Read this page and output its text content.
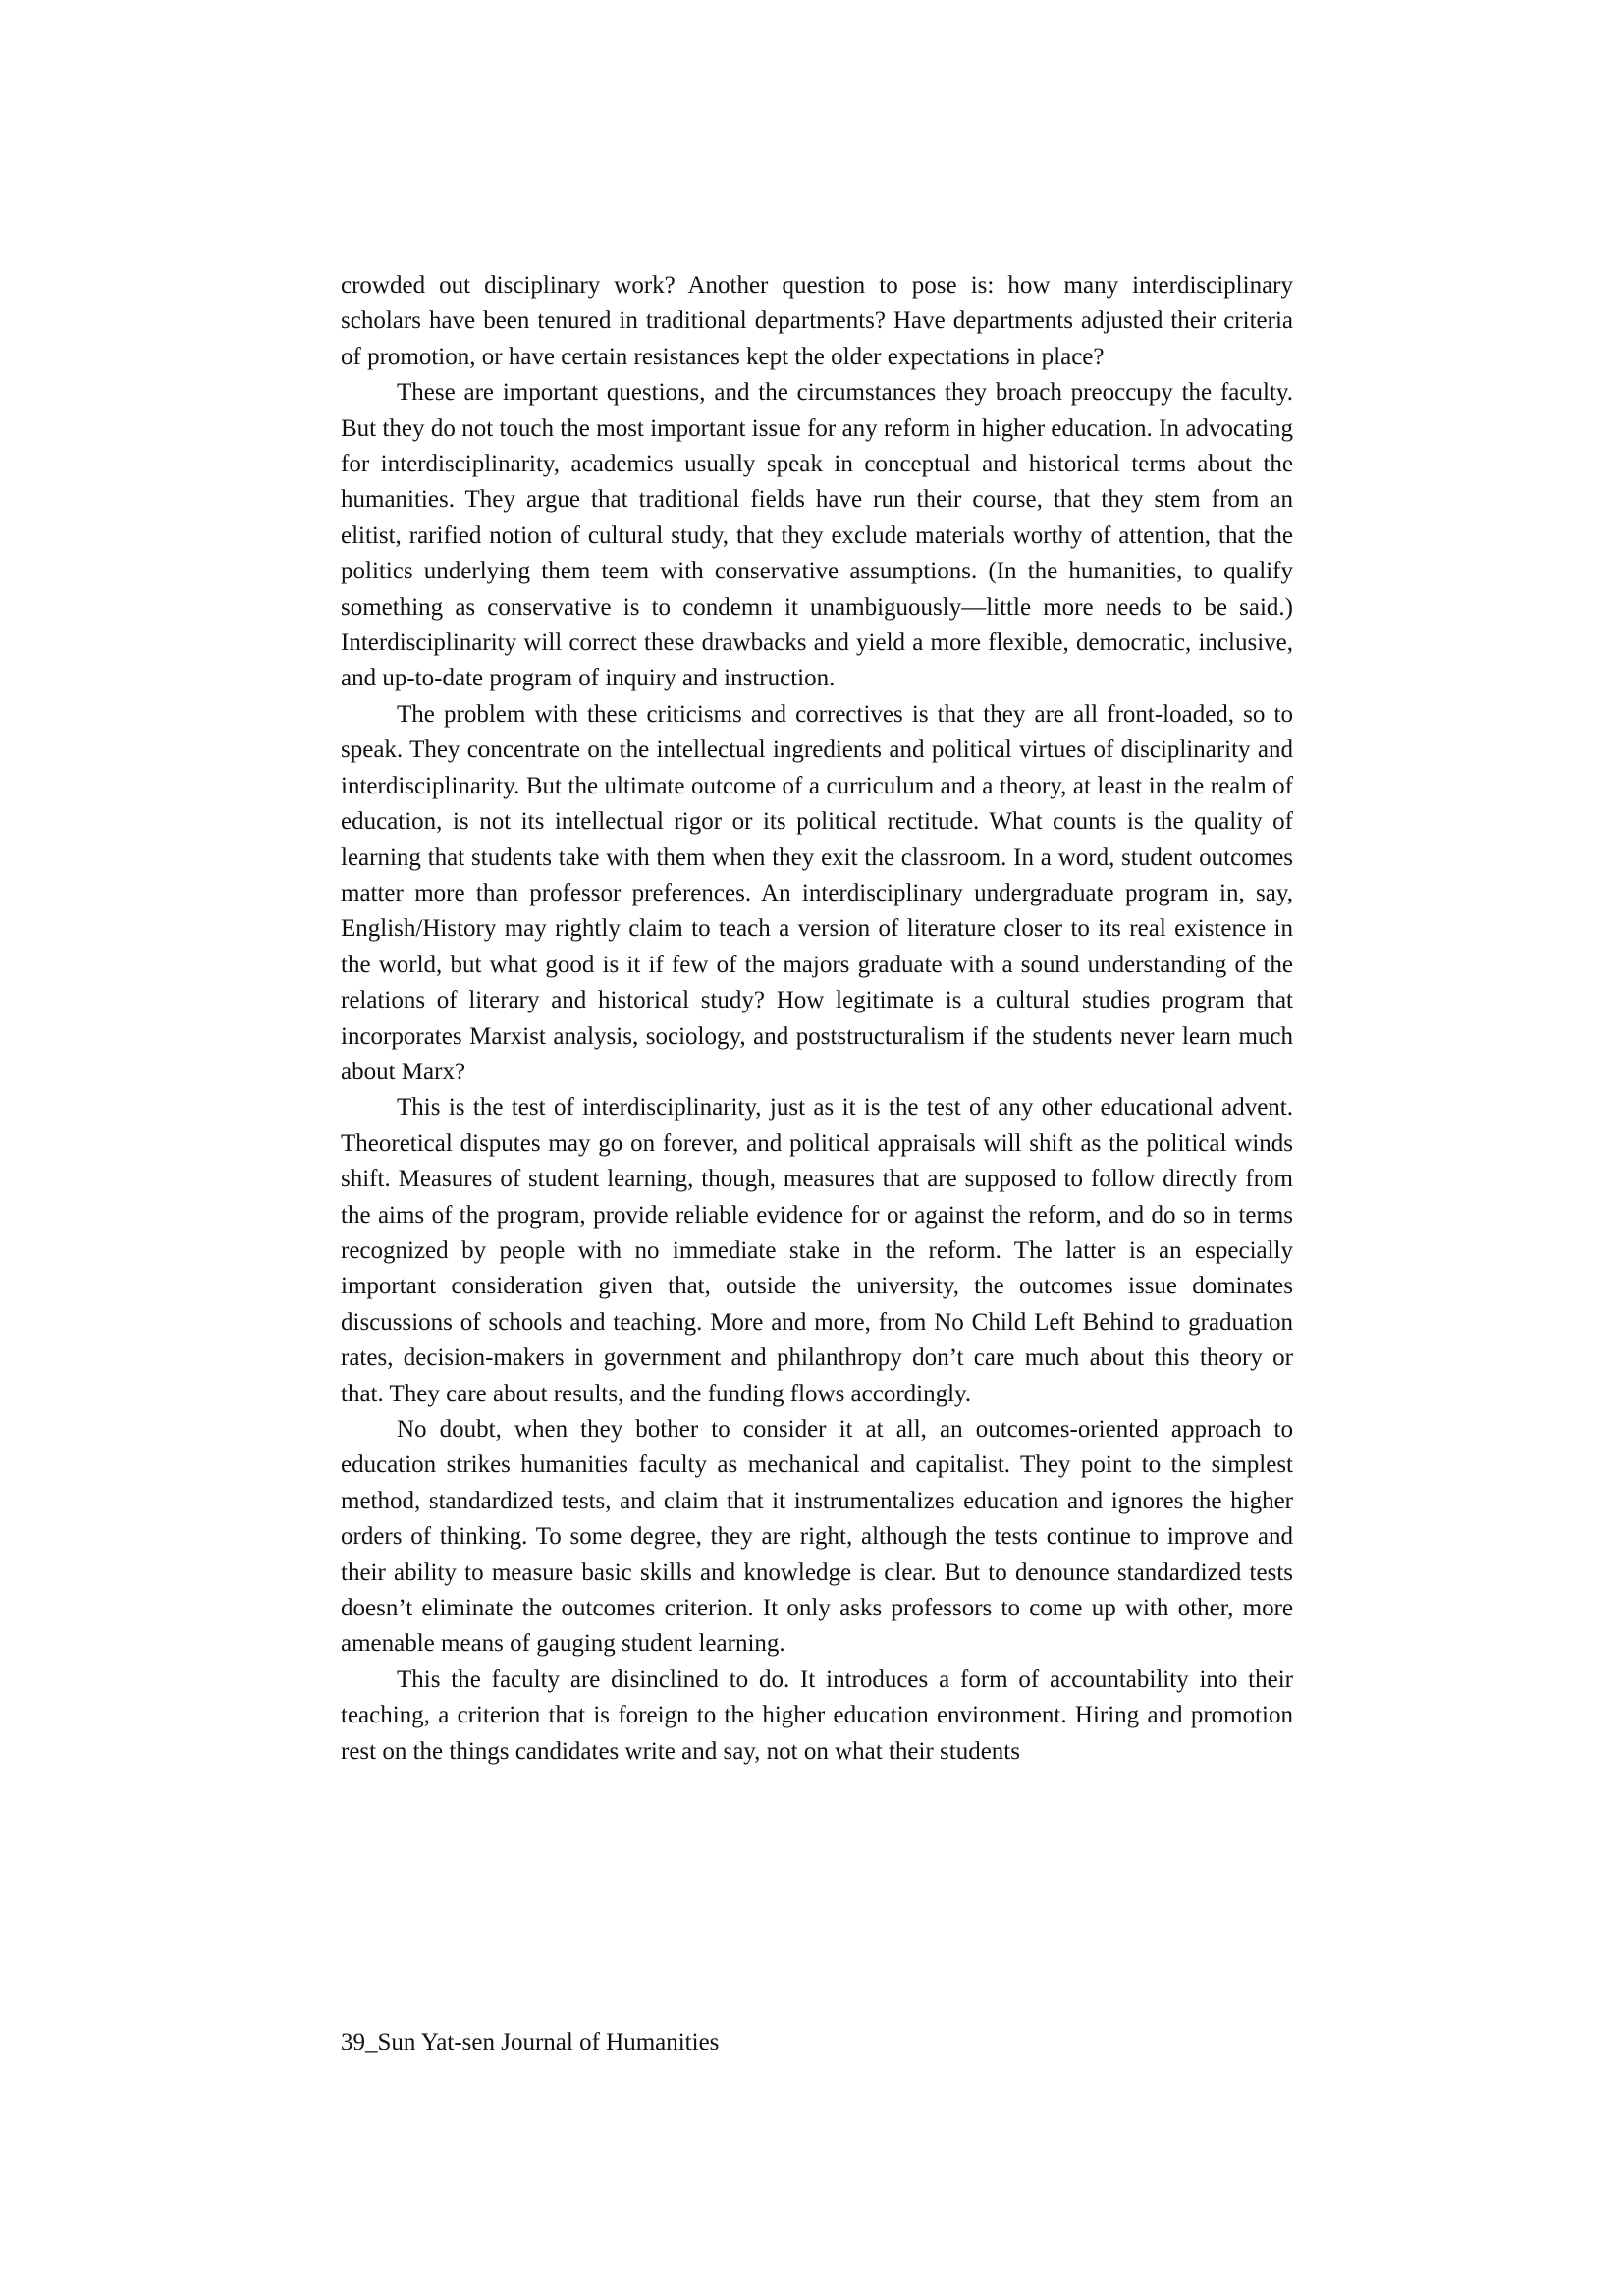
crowded out disciplinary work? Another question to pose is: how many interdisciplinary scholars have been tenured in traditional departments? Have departments adjusted their criteria of promotion, or have certain resistances kept the older expectations in place?

These are important questions, and the circumstances they broach preoccupy the faculty. But they do not touch the most important issue for any reform in higher education. In advocating for interdisciplinarity, academics usually speak in conceptual and historical terms about the humanities. They argue that traditional fields have run their course, that they stem from an elitist, rarified notion of cultural study, that they exclude materials worthy of attention, that the politics underlying them teem with conservative assumptions. (In the humanities, to qualify something as conservative is to condemn it unambiguously—little more needs to be said.) Interdisciplinarity will correct these drawbacks and yield a more flexible, democratic, inclusive, and up-to-date program of inquiry and instruction.

The problem with these criticisms and correctives is that they are all front-loaded, so to speak. They concentrate on the intellectual ingredients and political virtues of disciplinarity and interdisciplinarity. But the ultimate outcome of a curriculum and a theory, at least in the realm of education, is not its intellectual rigor or its political rectitude. What counts is the quality of learning that students take with them when they exit the classroom. In a word, student outcomes matter more than professor preferences. An interdisciplinary undergraduate program in, say, English/History may rightly claim to teach a version of literature closer to its real existence in the world, but what good is it if few of the majors graduate with a sound understanding of the relations of literary and historical study? How legitimate is a cultural studies program that incorporates Marxist analysis, sociology, and poststructuralism if the students never learn much about Marx?

This is the test of interdisciplinarity, just as it is the test of any other educational advent. Theoretical disputes may go on forever, and political appraisals will shift as the political winds shift. Measures of student learning, though, measures that are supposed to follow directly from the aims of the program, provide reliable evidence for or against the reform, and do so in terms recognized by people with no immediate stake in the reform. The latter is an especially important consideration given that, outside the university, the outcomes issue dominates discussions of schools and teaching. More and more, from No Child Left Behind to graduation rates, decision-makers in government and philanthropy don’t care much about this theory or that. They care about results, and the funding flows accordingly.

No doubt, when they bother to consider it at all, an outcomes-oriented approach to education strikes humanities faculty as mechanical and capitalist. They point to the simplest method, standardized tests, and claim that it instrumentalizes education and ignores the higher orders of thinking. To some degree, they are right, although the tests continue to improve and their ability to measure basic skills and knowledge is clear. But to denounce standardized tests doesn’t eliminate the outcomes criterion. It only asks professors to come up with other, more amenable means of gauging student learning.

This the faculty are disinclined to do. It introduces a form of accountability into their teaching, a criterion that is foreign to the higher education environment. Hiring and promotion rest on the things candidates write and say, not on what their students

39_Sun Yat-sen Journal of Humanities
